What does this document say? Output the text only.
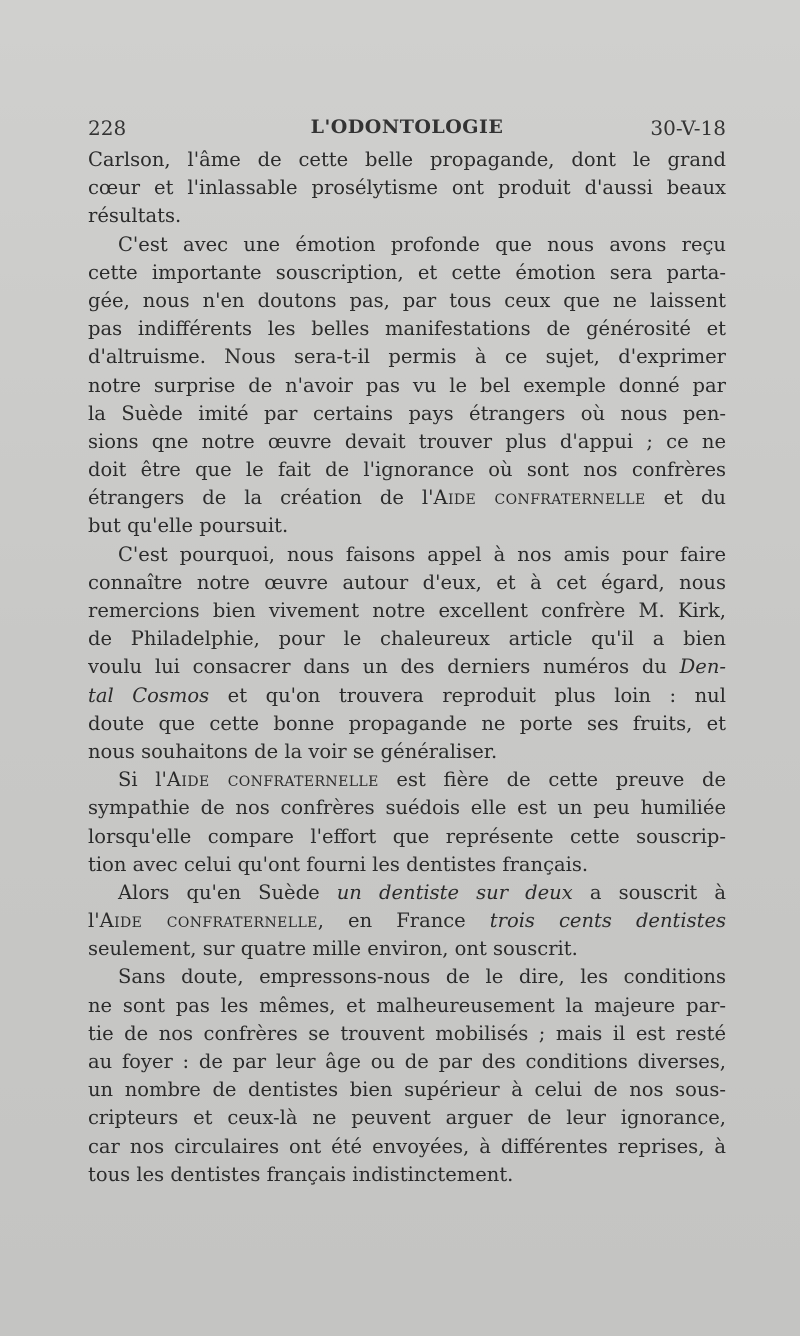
228	L'ODONTOLOGIE	30-V-18
Carlson, l'âme de cette belle propagande, dont le grand
cœur et l'inlassable prosélytisme ont produit d'aussi beaux
résultats.
C'est avec une émotion profonde que nous avons reçu
cette importante souscription, et cette émotion sera parta-
gée, nous n'en doutons pas, par tous ceux que ne laissent
pas indifférents les belles manifestations de générosité et
d'altruisme. Nous sera-t-il permis à ce sujet, d'exprimer
notre surprise de n'avoir pas vu le bel exemple donné par
la Suède imité par certains pays étrangers où nous pen-
sions qne notre œuvre devait trouver plus d'appui ; ce ne
doit être que le fait de l'ignorance où sont nos confrères
étrangers de la création de l'Aide confraternelle et du
but qu'elle poursuit.
C'est pourquoi, nous faisons appel à nos amis pour faire
connaître notre œuvre autour d'eux, et à cet égard, nous
remercions bien vivement notre excellent confrère M. Kirk,
de Philadelphie, pour le chaleureux article qu'il a bien
voulu lui consacrer dans un des derniers numéros du Den-
tal Cosmos et qu'on trouvera reproduit plus loin : nul
doute que cette bonne propagande ne porte ses fruits, et
nous souhaitons de la voir se généraliser.
Si l'Aide confraternelle est fière de cette preuve de
sympathie de nos confrères suédois elle est un peu humiliée
lorsqu'elle compare l'effort que représente cette souscrip-
tion avec celui qu'ont fourni les dentistes français.
Alors qu'en Suède un dentiste sur deux a souscrit à
l'Aide confraternelle, en France trois cents dentistes
seulement, sur quatre mille environ, ont souscrit.
Sans doute, empressons-nous de le dire, les conditions
ne sont pas les mêmes, et malheureusement la majeure par-
tie de nos confrères se trouvent mobilisés ; mais il est resté
au foyer : de par leur âge ou de par des conditions diverses,
un nombre de dentistes bien supérieur à celui de nos sous-
cripteurs et ceux-là ne peuvent arguer de leur ignorance,
car nos circulaires ont été envoyées, à différentes reprises, à
tous les dentistes français indistinctement.
